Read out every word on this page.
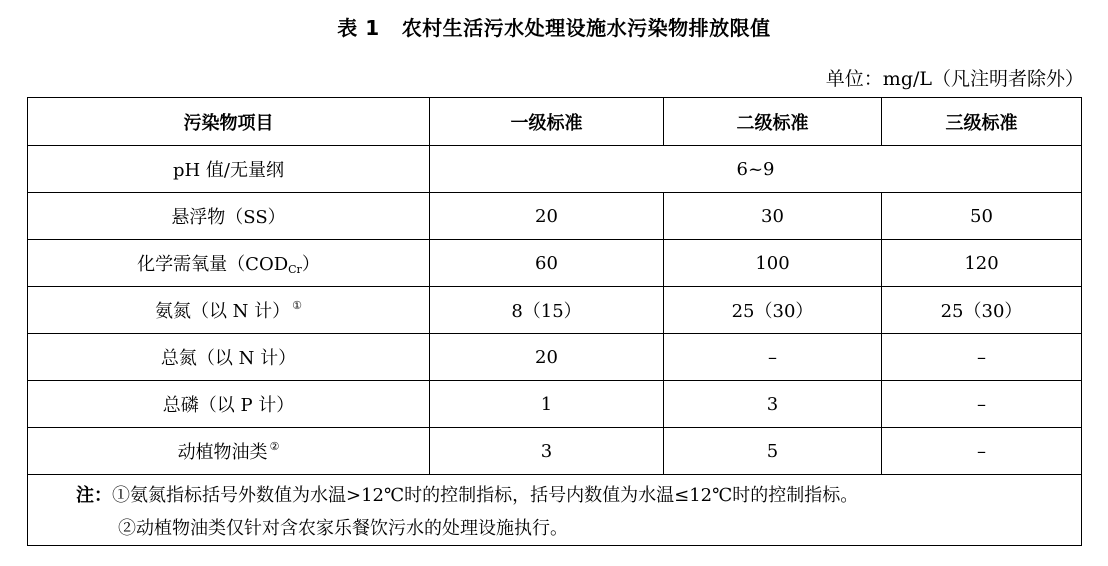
表 1 农村生活污水处理设施水污染物排放限值
单位：mg/L（凡注明者除外）
污染物项目	一级标准	二级标准	三级标准
pH 值/无量纲	6~9		
悬浮物（SS）	20	30	50
化学需氧量$(COD_{Cr})$	60	100	120
氨氮（以 N 计） ①	8（15）	25（30）	25（30）
总氮（以 N 计）	20	–	–
总磷（以 P 计）	1	3	–
动植物油类 ②	3	5	–

注：①氨氮指标括号外数值为水温>12℃时的控制指标，括号内数值为水温≤12℃时的控制指标。
②动植物油类仅针对含农家乐餐饮污水的处理设施执行。			
